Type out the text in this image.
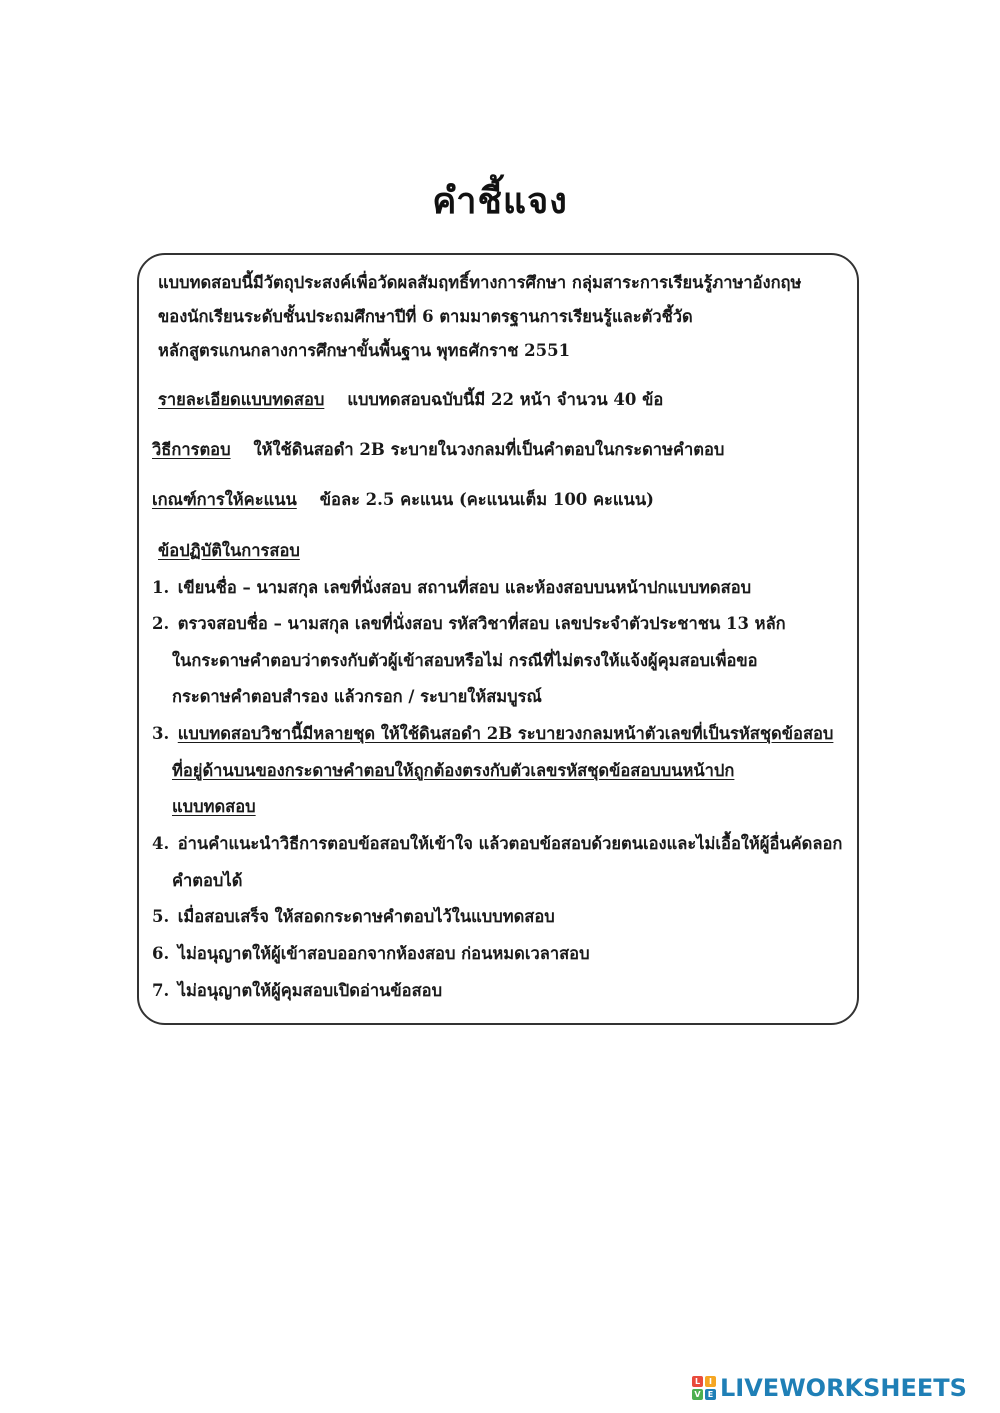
คำชี้แจง
แบบทดสอบนี้มีวัตถุประสงค์เพื่อวัดผลสัมฤทธิ์ทางการศึกษา กลุ่มสาระการเรียนรู้ภาษาอังกฤษ
ของนักเรียนระดับชั้นประถมศึกษาปีที่ 6 ตามมาตรฐานการเรียนรู้และตัวชี้วัด
หลักสูตรแกนกลางการศึกษาขั้นพื้นฐาน พุทธศักราช 2551
รายละเอียดแบบทดสอบ แบบทดสอบฉบับนี้มี 22 หน้า จำนวน 40 ข้อ
วิธีการตอบ ให้ใช้ดินสอดำ 2B ระบายในวงกลมที่เป็นคำตอบในกระดาษคำตอบ
เกณฑ์การให้คะแนน ข้อละ 2.5 คะแนน (คะแนนเต็ม 100 คะแนน)
ข้อปฏิบัติในการสอบ
1. เขียนชื่อ – นามสกุล เลขที่นั่งสอบ สถานที่สอบ และห้องสอบบนหน้าปกแบบทดสอบ
2. ตรวจสอบชื่อ – นามสกุล เลขที่นั่งสอบ รหัสวิชาที่สอบ เลขประจำตัวประชาชน 13 หลัก
ในกระดาษคำตอบว่าตรงกับตัวผู้เข้าสอบหรือไม่ กรณีที่ไม่ตรงให้แจ้งผู้คุมสอบเพื่อขอ
กระดาษคำตอบสำรอง แล้วกรอก / ระบายให้สมบูรณ์
3. แบบทดสอบวิชานี้มีหลายชุด ให้ใช้ดินสอดำ 2B ระบายวงกลมหน้าตัวเลขที่เป็นรหัสชุดข้อสอบ
ที่อยู่ด้านบนของกระดาษคำตอบให้ถูกต้องตรงกับตัวเลขรหัสชุดข้อสอบบนหน้าปก
แบบทดสอบ
4. อ่านคำแนะนำวิธีการตอบข้อสอบให้เข้าใจ แล้วตอบข้อสอบด้วยตนเองและไม่เอื้อให้ผู้อื่นคัดลอก
คำตอบได้
5. เมื่อสอบเสร็จ ให้สอดกระดาษคำตอบไว้ในแบบทดสอบ
6. ไม่อนุญาตให้ผู้เข้าสอบออกจากห้องสอบ ก่อนหมดเวลาสอบ
7. ไม่อนุญาตให้ผู้คุมสอบเปิดอ่านข้อสอบ
L	I
V E LIVEWORKSHEETS
